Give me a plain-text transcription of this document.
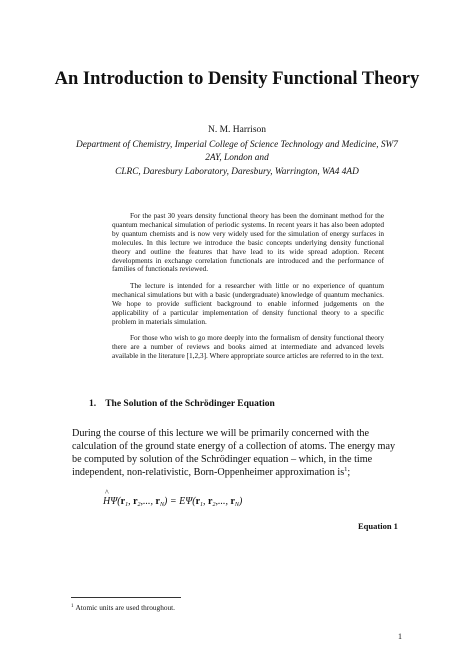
An Introduction to Density Functional Theory
N. M. Harrison
Department of Chemistry, Imperial College of Science Technology and Medicine, SW7 2AY, London and
CLRC, Daresbury Laboratory, Daresbury, Warrington, WA4 4AD

For the past 30 years density functional theory has been the dominant method for the quantum mechanical simulation of periodic systems. In recent years it has also been adopted by quantum chemists and is now very widely used for the simulation of energy surfaces in molecules. In this lecture we introduce the basic concepts underlying density functional theory and outline the features that have lead to its wide spread adoption. Recent developments in exchange correlation functionals are introduced and the performance of families of functionals reviewed.

The lecture is intended for a researcher with little or no experience of quantum mechanical simulations but with a basic (undergraduate) knowledge of quantum mechanics. We hope to provide sufficient background to enable informed judgements on the applicability of a particular implementation of density functional theory to a specific problem in materials simulation.

For those who wish to go more deeply into the formalism of density functional theory there are a number of reviews and books aimed at intermediate and advanced levels available in the literature [1,2,3]. Where appropriate source articles are referred to in the text.

1. The Solution of the Schrödinger Equation

During the course of this lecture we will be primarily concerned with the calculation of the ground state energy of a collection of atoms. The energy may be computed by solution of the Schrödinger equation – which, in the time independent, non-relativistic, Born-Oppenheimer approximation $is^1$;

^ $H\Psi(r_1$, $r_2$,..., $r_N) = E\Psi(r_1$, $r_2$,..., $r_N$)
Equation 1
$^1$ Atomic units are used throughout.
1
